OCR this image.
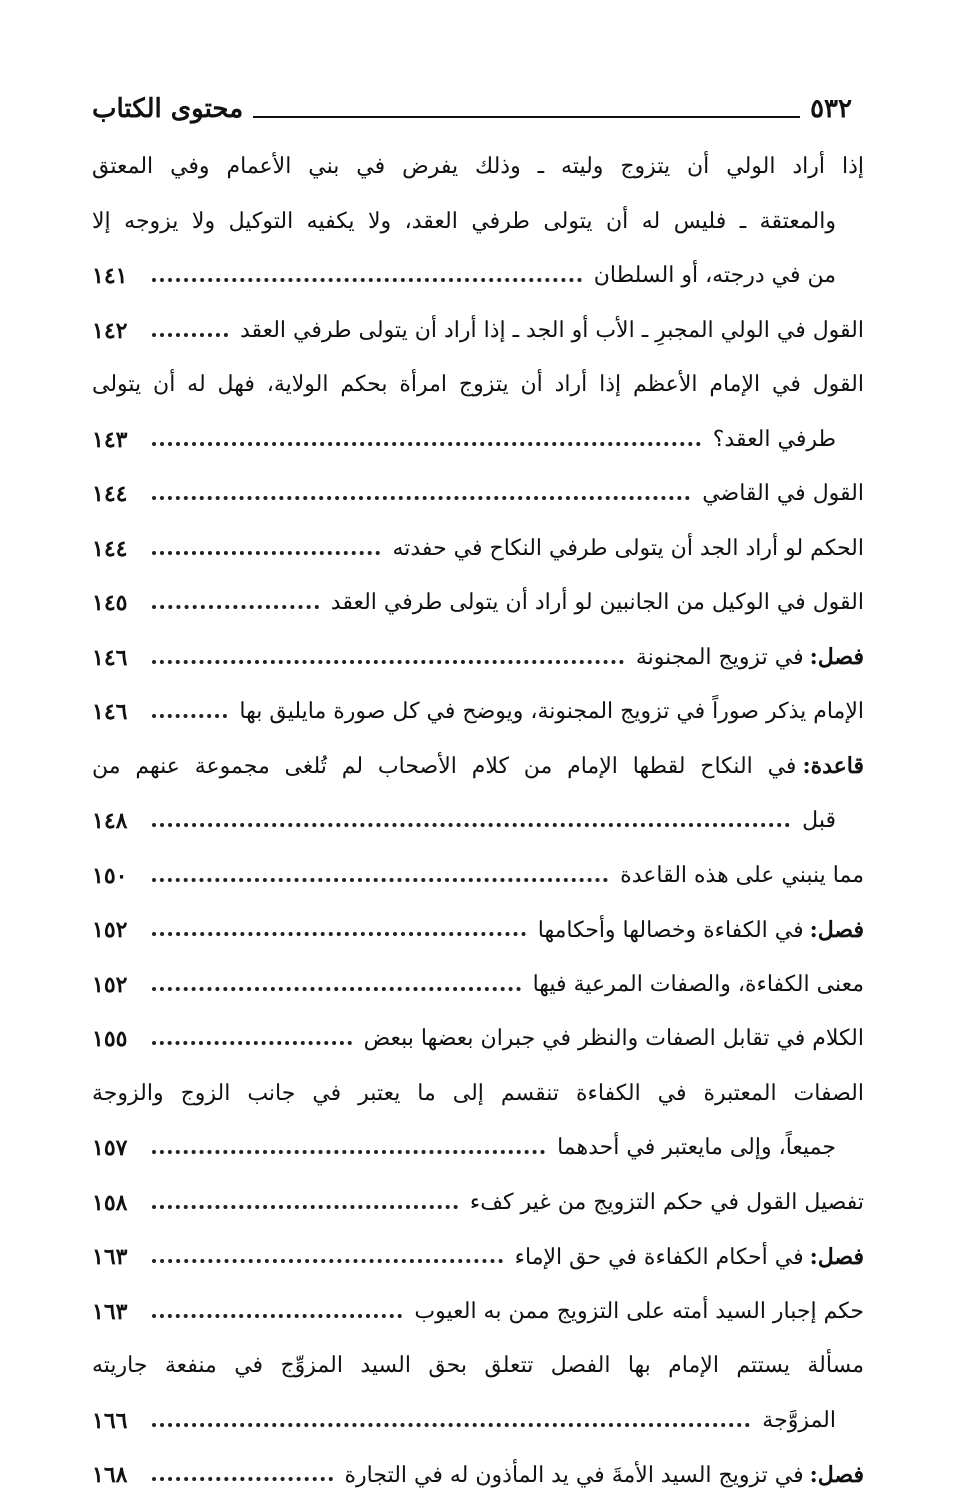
٥٣٢
محتوى الكتاب
إذا أراد الولي أن يتزوج وليته ـ وذلك يفرض في بني الأعمام وفي المعتق
والمعتقة ـ فليس له أن يتولى طرفي العقد، ولا يكفيه التوكيل ولا يزوجه إلا
من في درجته، أو السلطان
١٤١
القول في الولي المجبرِ ـ الأب أو الجد ـ إذا أراد أن يتولى طرفي العقد
١٤٢
القول في الإمام الأعظم إذا أراد أن يتزوج امرأة بحكم الولاية، فهل له أن يتولى
طرفي العقد؟
١٤٣
القول في القاضي
١٤٤
الحكم لو أراد الجد أن يتولى طرفي النكاح في حفدته
١٤٤
القول في الوكيل من الجانبين لو أراد أن يتولى طرفي العقد
١٤٥
فصل:في تزويج المجنونة
١٤٦
الإمام يذكر صوراً في تزويج المجنونة، ويوضح في كل صورة مايليق بها
١٤٦
قاعدة:في النكاح لقطها الإمام من كلام الأصحاب لم تُلغى مجموعة عنهم من
قبل
١٤٨
مما ينبني على هذه القاعدة
١٥٠
فصل:في الكفاءة وخصالها وأحكامها
١٥٢
معنى الكفاءة، والصفات المرعية فيها
١٥٢
الكلام في تقابل الصفات والنظر في جبران بعضها ببعض
١٥٥
الصفات المعتبرة في الكفاءة تنقسم إلى ما يعتبر في جانب الزوج والزوجة
جميعاً، وإلى مايعتبر في أحدهما
١٥٧
تفصيل القول في حكم التزويج من غير كفء
١٥٨
فصل:في أحكام الكفاءة في حق الإماء
١٦٣
حكم إجبار السيد أمته على التزويج ممن به العيوب
١٦٣
مسألة يستتم الإمام بها الفصل تتعلق بحق السيد المزوِّج في منفعة جاريته
المزوَّجة
١٦٦
فصل:في تزويج السيد الأمةَ في يد المأذون له في التجارة
١٦٨
